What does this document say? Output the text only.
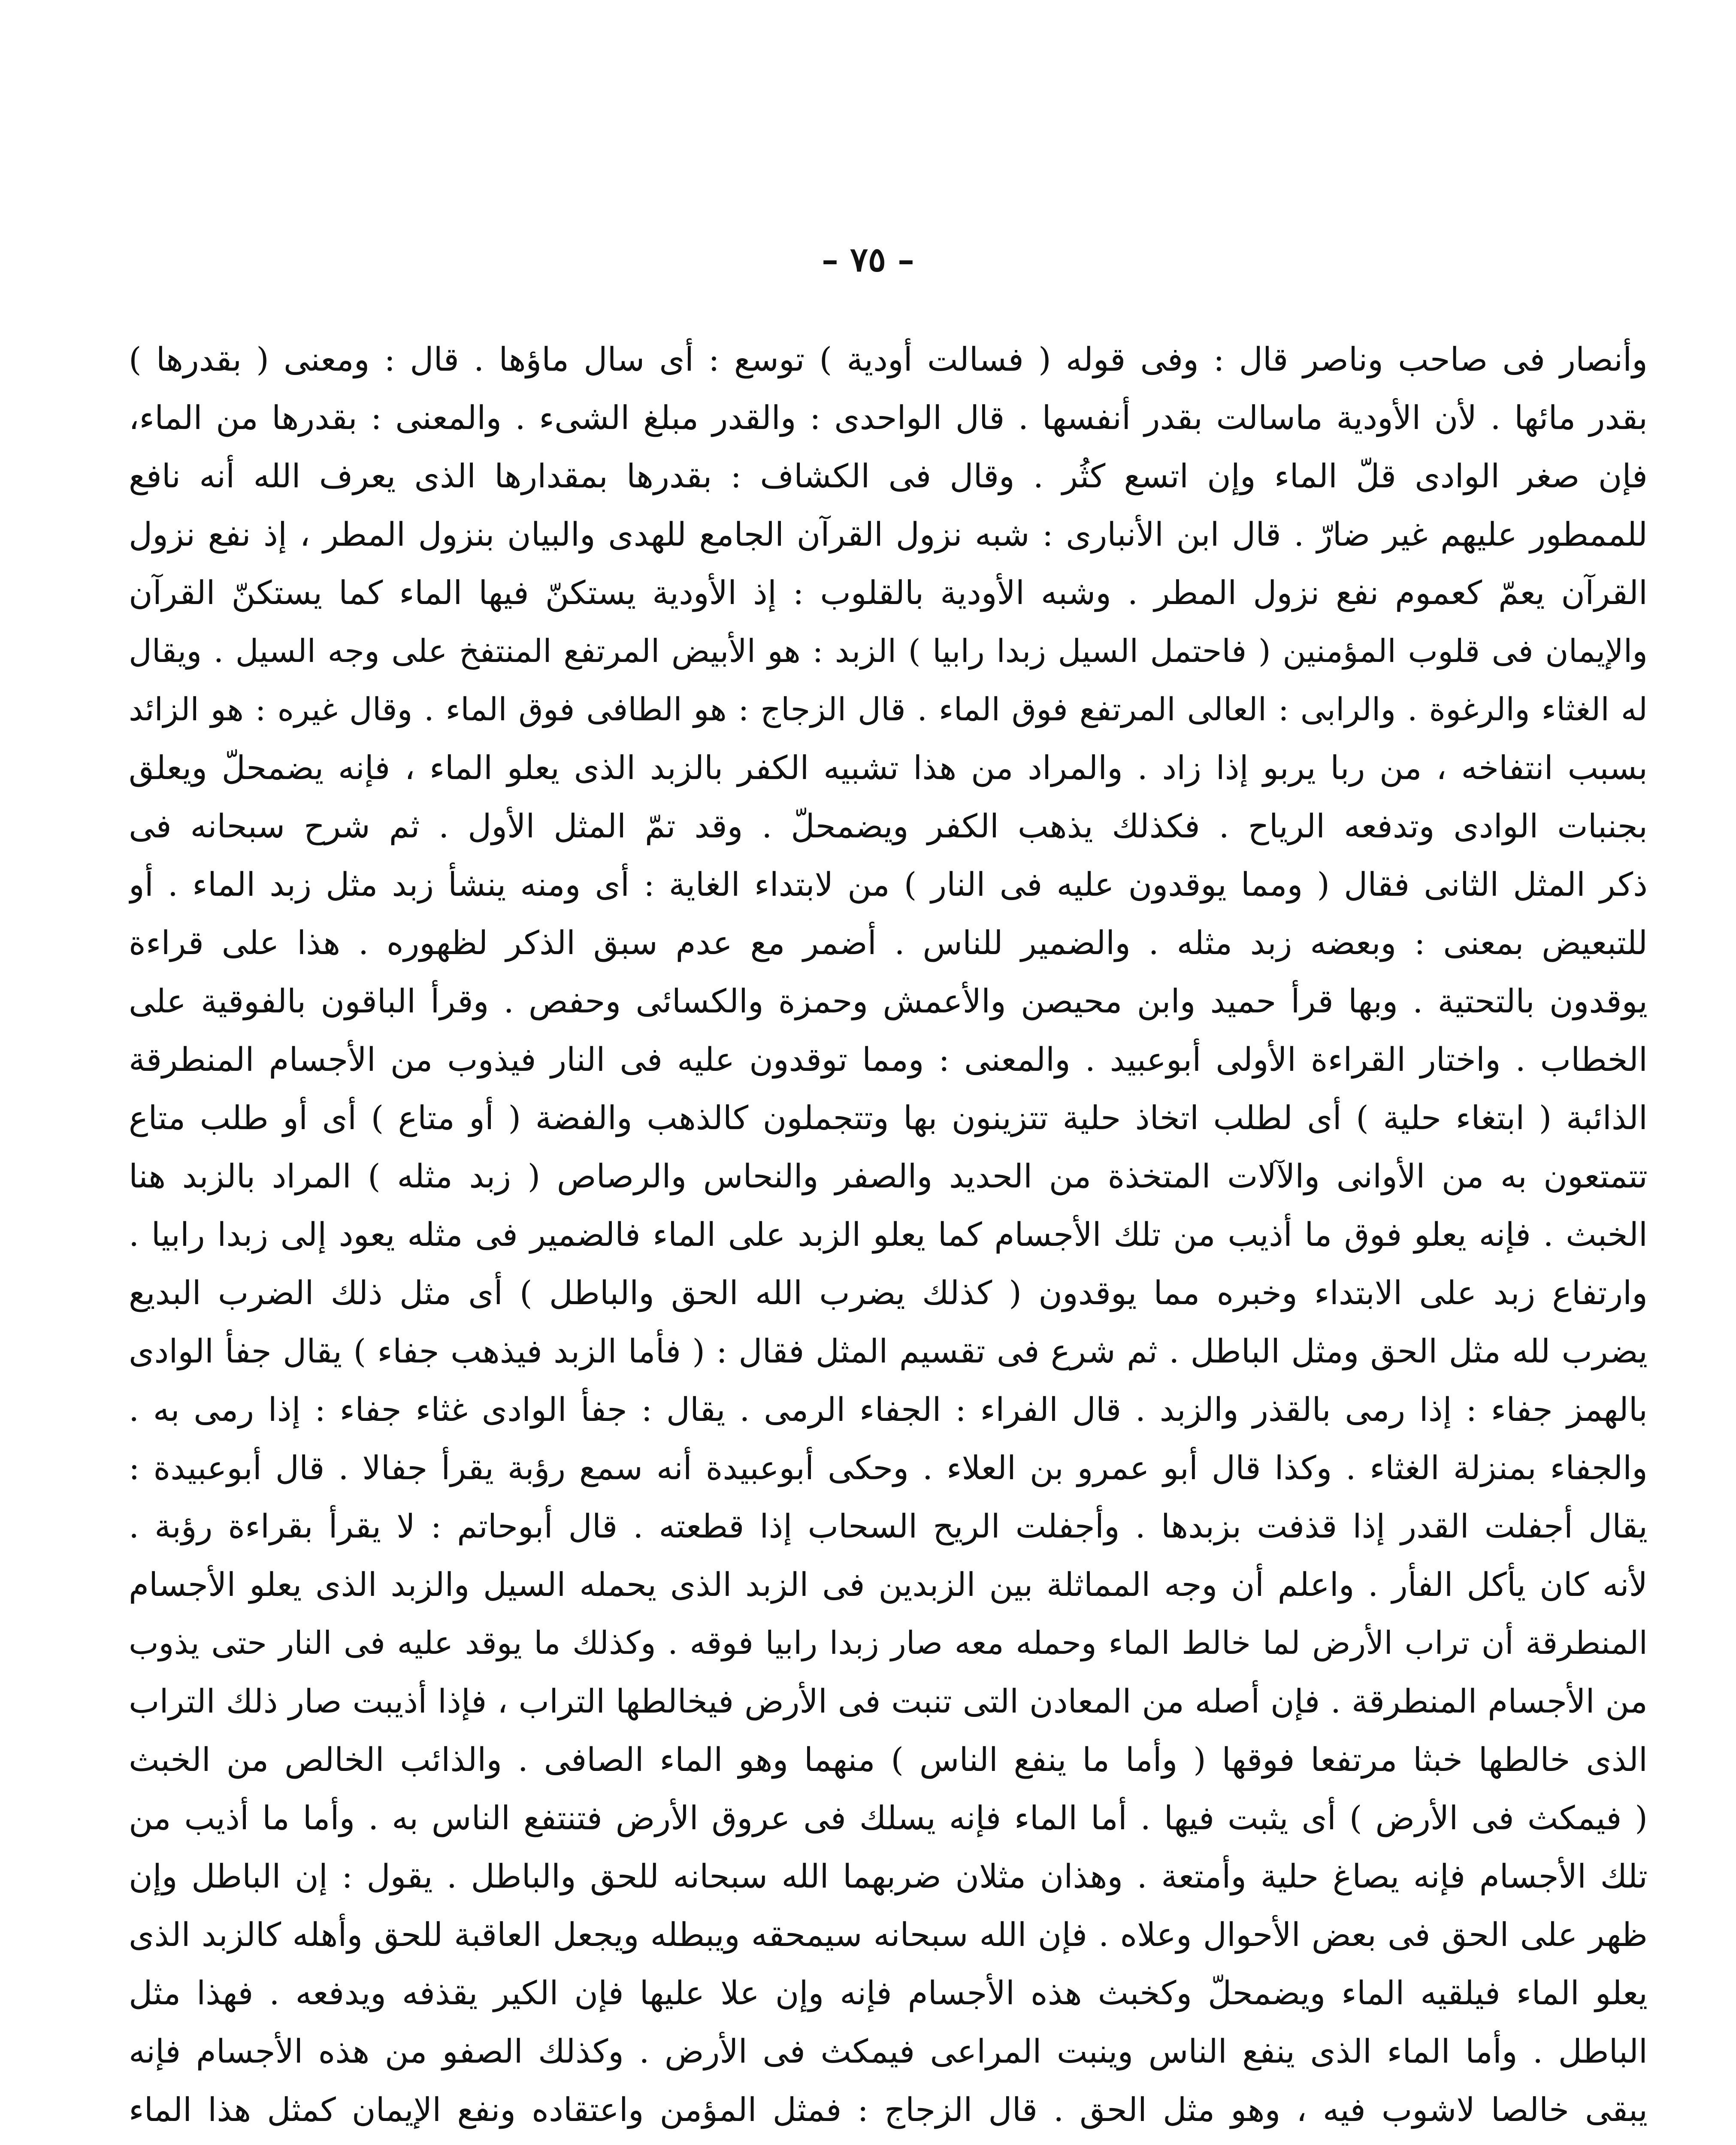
– ٧٥ –
وأنصار فى صاحب وناصر قال : وفى قوله ( فسالت أودية ) توسع : أى سال ماؤها . قال : ومعنى ( بقدرها )
بقدر مائها . لأن الأودية ماسالت بقدر أنفسها . قال الواحدى : والقدر مبلغ الشىء . والمعنى : بقدرها من الماء،
فإن صغر الوادى قلّ الماء وإن اتسع كثُر . وقال فى الكشاف : بقدرها بمقدارها الذى يعرف الله أنه نافع
للممطور عليهم غير ضارّ . قال ابن الأنبارى : شبه نزول القرآن الجامع للهدى والبيان بنزول المطر ، إذ نفع نزول
القرآن يعمّ كعموم نفع نزول المطر . وشبه الأودية بالقلوب : إذ الأودية يستكنّ فيها الماء كما يستكنّ القرآن
والإيمان فى قلوب المؤمنين ( فاحتمل السيل زبدا رابيا ) الزبد : هو الأبيض المرتفع المنتفخ على وجه السيل . ويقال
له الغثاء والرغوة . والرابى : العالى المرتفع فوق الماء . قال الزجاج : هو الطافى فوق الماء . وقال غيره : هو الزائد
بسبب انتفاخه ، من ربا يربو إذا زاد . والمراد من هذا تشبيه الكفر بالزبد الذى يعلو الماء ، فإنه يضمحلّ ويعلق
بجنبات الوادى وتدفعه الرياح . فكذلك يذهب الكفر ويضمحلّ . وقد تمّ المثل الأول . ثم شرح سبحانه فى
ذكر المثل الثانى فقال ( ومما يوقدون عليه فى النار ) من لابتداء الغاية : أى ومنه ينشأ زبد مثل زبد الماء . أو
للتبعيض بمعنى : وبعضه زبد مثله . والضمير للناس . أضمر مع عدم سبق الذكر لظهوره . هذا على قراءة
يوقدون بالتحتية . وبها قرأ حميد وابن محيصن والأعمش وحمزة والكسائى وحفص . وقرأ الباقون بالفوقية على
الخطاب . واختار القراءة الأولى أبوعبيد . والمعنى : ومما توقدون عليه فى النار فيذوب من الأجسام المنطرقة
الذائبة ( ابتغاء حلية ) أى لطلب اتخاذ حلية تتزينون بها وتتجملون كالذهب والفضة ( أو متاع ) أى أو طلب متاع
تتمتعون به من الأوانى والآلات المتخذة من الحديد والصفر والنحاس والرصاص ( زبد مثله ) المراد بالزبد هنا
الخبث . فإنه يعلو فوق ما أذيب من تلك الأجسام كما يعلو الزبد على الماء فالضمير فى مثله يعود إلى زبدا رابيا .
وارتفاع زبد على الابتداء وخبره مما يوقدون ( كذلك يضرب الله الحق والباطل ) أى مثل ذلك الضرب البديع
يضرب لله مثل الحق ومثل الباطل . ثم شرع فى تقسيم المثل فقال : ( فأما الزبد فيذهب جفاء ) يقال جفأ الوادى
بالهمز جفاء : إذا رمى بالقذر والزبد . قال الفراء : الجفاء الرمى . يقال : جفأ الوادى غثاء جفاء : إذا رمى به .
والجفاء بمنزلة الغثاء . وكذا قال أبو عمرو بن العلاء . وحكى أبوعبيدة أنه سمع رؤبة يقرأ جفالا . قال أبوعبيدة :
يقال أجفلت القدر إذا قذفت بزبدها . وأجفلت الريح السحاب إذا قطعته . قال أبوحاتم : لا يقرأ بقراءة رؤبة .
لأنه كان يأكل الفأر . واعلم أن وجه المماثلة بين الزبدين فى الزبد الذى يحمله السيل والزبد الذى يعلو الأجسام
المنطرقة أن تراب الأرض لما خالط الماء وحمله معه صار زبدا رابيا فوقه . وكذلك ما يوقد عليه فى النار حتى يذوب
من الأجسام المنطرقة . فإن أصله من المعادن التى تنبت فى الأرض فيخالطها التراب ، فإذا أذيبت صار ذلك التراب
الذى خالطها خبثا مرتفعا فوقها ( وأما ما ينفع الناس ) منهما وهو الماء الصافى . والذائب الخالص من الخبث
( فيمكث فى الأرض ) أى يثبت فيها . أما الماء فإنه يسلك فى عروق الأرض فتنتفع الناس به . وأما ما أذيب من
تلك الأجسام فإنه يصاغ حلية وأمتعة . وهذان مثلان ضربهما الله سبحانه للحق والباطل . يقول : إن الباطل وإن
ظهر على الحق فى بعض الأحوال وعلاه . فإن الله سبحانه سيمحقه ويبطله ويجعل العاقبة للحق وأهله كالزبد الذى
يعلو الماء فيلقيه الماء ويضمحلّ وكخبث هذه الأجسام فإنه وإن علا عليها فإن الكير يقذفه ويدفعه . فهذا مثل
الباطل . وأما الماء الذى ينفع الناس وينبت المراعى فيمكث فى الأرض . وكذلك الصفو من هذه الأجسام فإنه
يبقى خالصا لاشوب فيه ، وهو مثل الحق . قال الزجاج : فمثل المؤمن واعتقاده ونفع الإيمان كمثل هذا الماء
